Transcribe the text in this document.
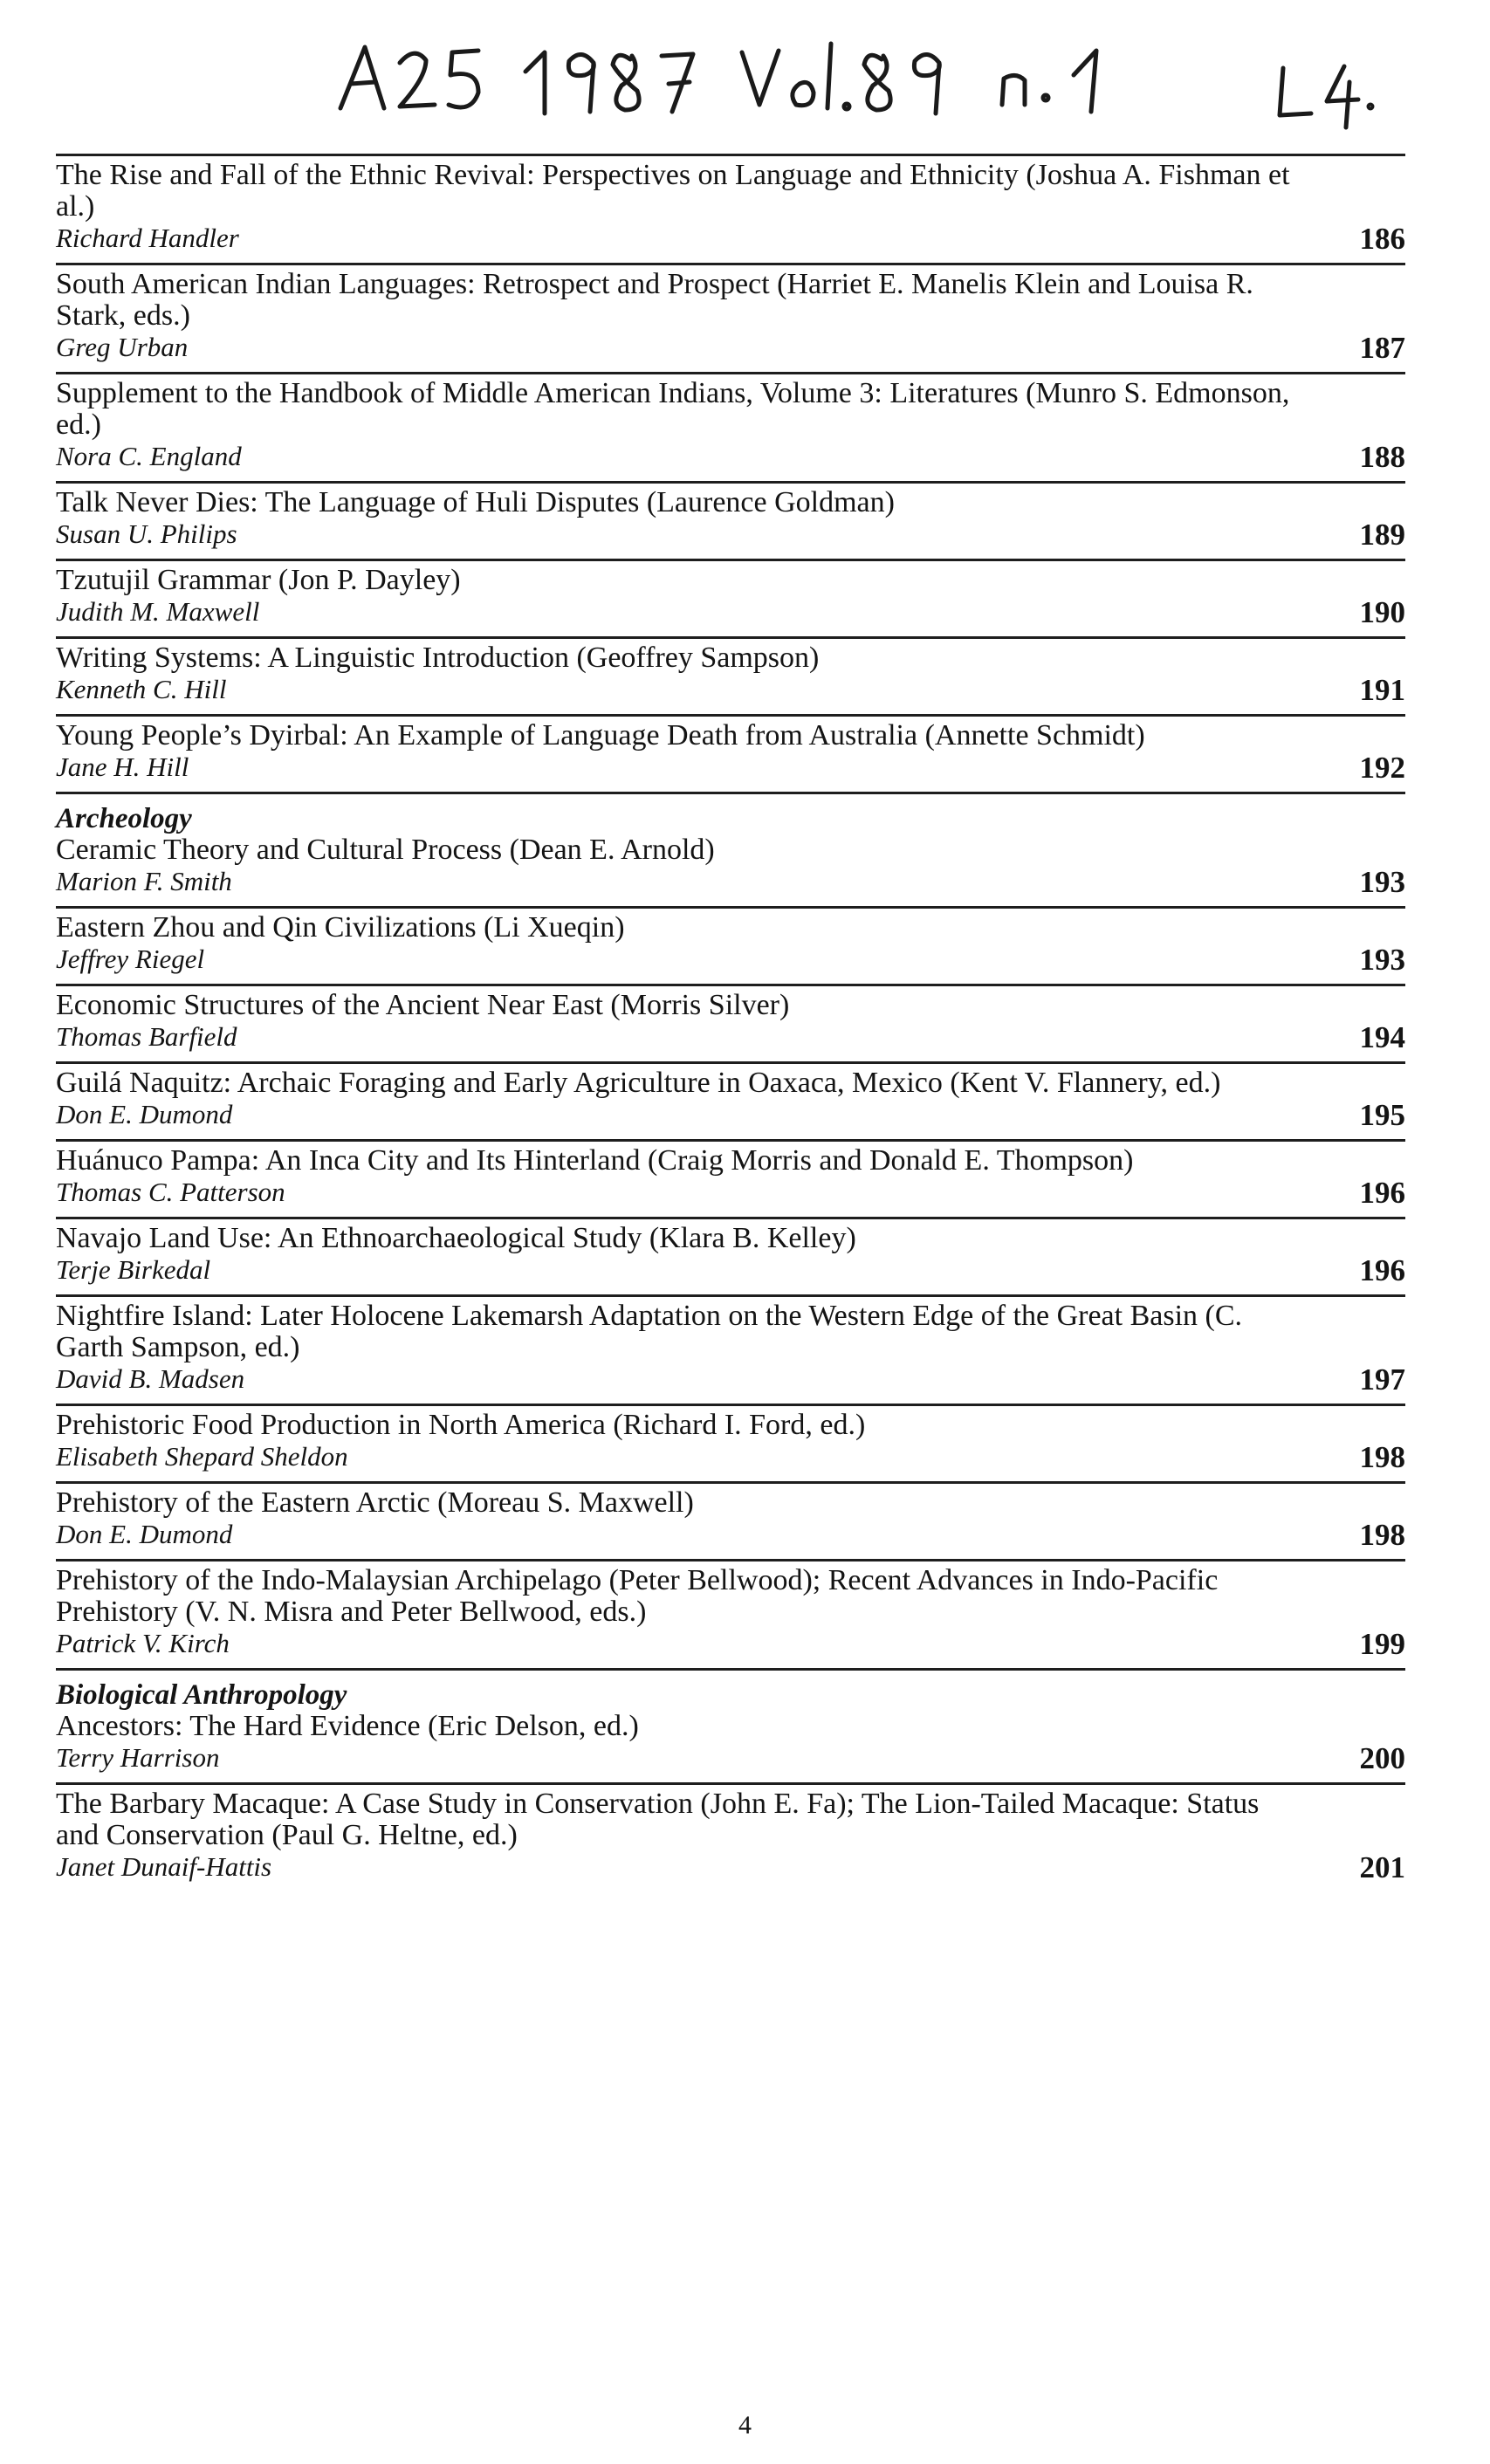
The Rise and Fall of the Ethnic Revival: Perspectives on Language and Ethnicity (Joshua A. Fishman et al.)
Richard Handler	186
South American Indian Languages: Retrospect and Prospect (Harriet E. Manelis Klein and Louisa R. Stark, eds.)
Greg Urban	187
Supplement to the Handbook of Middle American Indians, Volume 3: Literatures (Munro S. Edmonson, ed.)
Nora C. England	188
Talk Never Dies: The Language of Huli Disputes (Laurence Goldman)
Susan U. Philips	189
Tzutujil Grammar (Jon P. Dayley)
Judith M. Maxwell	190
Writing Systems: A Linguistic Introduction (Geoffrey Sampson)
Kenneth C. Hill	191
Young People’s Dyirbal: An Example of Language Death from Australia (Annette Schmidt)
Jane H. Hill	192
Archeology
Ceramic Theory and Cultural Process (Dean E. Arnold)
Marion F. Smith	193
Eastern Zhou and Qin Civilizations (Li Xueqin)
Jeffrey Riegel	193
Economic Structures of the Ancient Near East (Morris Silver)
Thomas Barfield	194
Guilá Naquitz: Archaic Foraging and Early Agriculture in Oaxaca, Mexico (Kent V. Flannery, ed.)
Don E. Dumond	195
Huánuco Pampa: An Inca City and Its Hinterland (Craig Morris and Donald E. Thompson)
Thomas C. Patterson	196
Navajo Land Use: An Ethnoarchaeological Study (Klara B. Kelley)
Terje Birkedal	196
Nightfire Island: Later Holocene Lakemarsh Adaptation on the Western Edge of the Great Basin (C. Garth Sampson, ed.)
David B. Madsen	197
Prehistoric Food Production in North America (Richard I. Ford, ed.)
Elisabeth Shepard Sheldon	198
Prehistory of the Eastern Arctic (Moreau S. Maxwell)
Don E. Dumond	198
Prehistory of the Indo-Malaysian Archipelago (Peter Bellwood); Recent Advances in Indo-Pacific Prehistory (V. N. Misra and Peter Bellwood, eds.)
Patrick V. Kirch	199
Biological Anthropology
Ancestors: The Hard Evidence (Eric Delson, ed.)
Terry Harrison	200
The Barbary Macaque: A Case Study in Conservation (John E. Fa); The Lion-Tailed Macaque: Status and Conservation (Paul G. Heltne, ed.)
Janet Dunaif-Hattis	201
4
